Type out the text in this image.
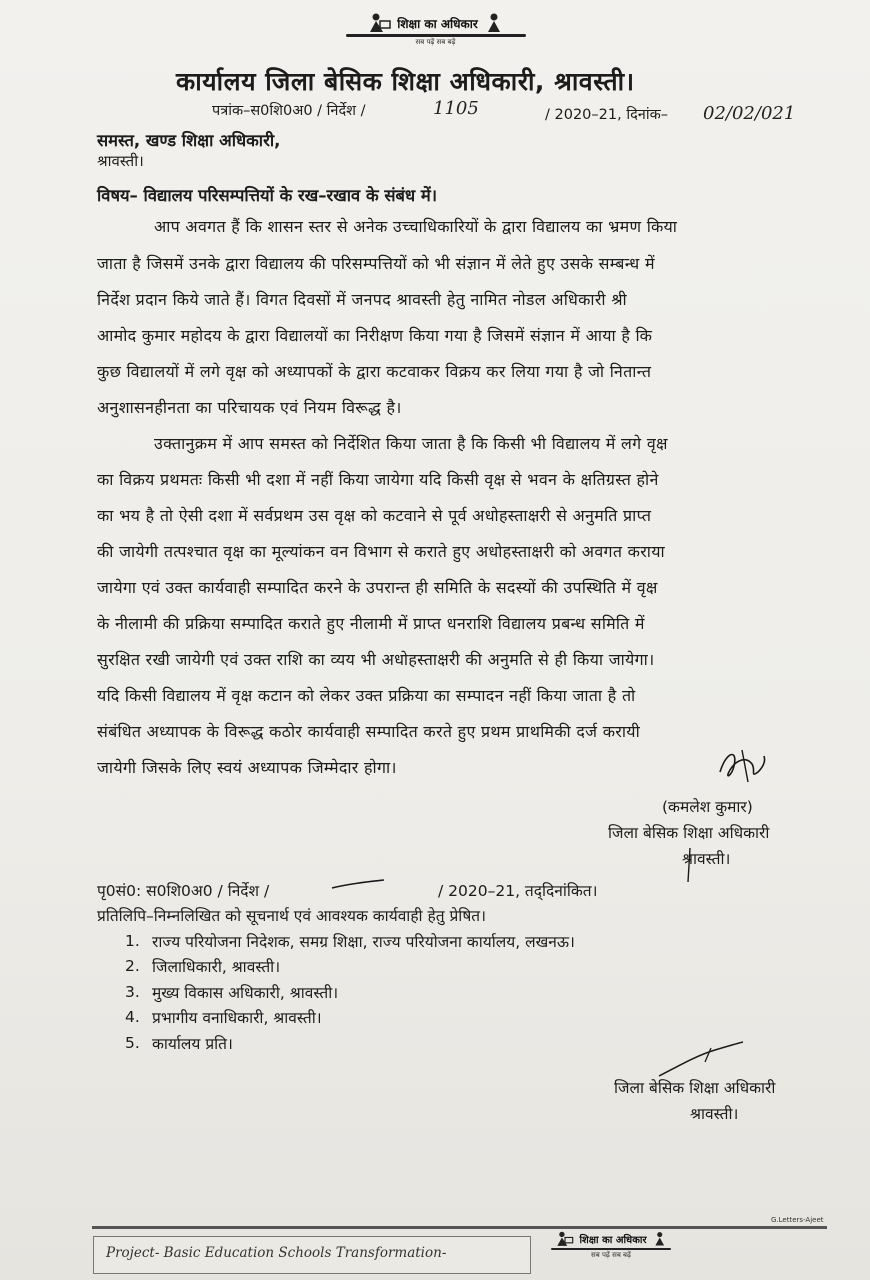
शिक्षा का अधिकार
सब पढ़ें सब बढ़ें
कार्यालय जिला बेसिक शिक्षा अधिकारी, श्रावस्ती।
पत्रांक–स0शि0अ0 / निर्देश /	1105	/ 2020–21, दिनांक– 02/02/021
समस्त, खण्ड शिक्षा अधिकारी,
श्रावस्ती।
विषय– विद्यालय परिसम्पत्तियों के रख–रखाव के संबंध में।
आप अवगत हैं कि शासन स्तर से अनेक उच्चाधिकारियों के द्वारा विद्यालय का भ्रमण किया
जाता है जिसमें उनके द्वारा विद्यालय की परिसम्पत्तियों को भी संज्ञान में लेते हुए उसके सम्बन्ध में
निर्देश प्रदान किये जाते हैं। विगत दिवसों में जनपद श्रावस्ती हेतु नामित नोडल अधिकारी श्री
आमोद कुमार महोदय के द्वारा विद्यालयों का निरीक्षण किया गया है जिसमें संज्ञान में आया है कि
कुछ विद्यालयों में लगे वृक्ष को अध्यापकों के द्वारा कटवाकर विक्रय कर लिया गया है जो नितान्त
अनुशासनहीनता का परिचायक एवं नियम विरूद्ध है।
उक्तानुक्रम में आप समस्त को निर्देशित किया जाता है कि किसी भी विद्यालय में लगे वृक्ष
का विक्रय प्रथमतः किसी भी दशा में नहीं किया जायेगा यदि किसी वृक्ष से भवन के क्षतिग्रस्त होने
का भय है तो ऐसी दशा में सर्वप्रथम उस वृक्ष को कटवाने से पूर्व अधोहस्ताक्षरी से अनुमति प्राप्त
की जायेगी तत्पश्चात वृक्ष का मूल्यांकन वन विभाग से कराते हुए अधोहस्ताक्षरी को अवगत कराया
जायेगा एवं उक्त कार्यवाही सम्पादित करने के उपरान्त ही समिति के सदस्यों की उपस्थिति में वृक्ष
के नीलामी की प्रक्रिया सम्पादित कराते हुए नीलामी में प्राप्त धनराशि विद्यालय प्रबन्ध समिति में
सुरक्षित रखी जायेगी एवं उक्त राशि का व्यय भी अधोहस्ताक्षरी की अनुमति से ही किया जायेगा।
यदि किसी विद्यालय में वृक्ष कटान को लेकर उक्त प्रक्रिया का सम्पादन नहीं किया जाता है तो
संबंधित अध्यापक के विरूद्ध कठोर कार्यवाही सम्पादित करते हुए प्रथम प्राथमिकी दर्ज करायी
जायेगी जिसके लिए स्वयं अध्यापक जिम्मेदार होगा।
(कमलेश कुमार)
जिला बेसिक शिक्षा अधिकारी
श्रावस्ती।
पृ0सं0: स0शि0अ0 / निर्देश /	/ 2020–21, तद्‌दिनांकित।
प्रतिलिपि–निम्नलिखित को सूचनार्थ एवं आवश्यक कार्यवाही हेतु प्रेषित।
1. राज्य परियोजना निदेशक, समग्र शिक्षा, राज्य परियोजना कार्यालय, लखनऊ।
2. जिलाधिकारी, श्रावस्ती।
3. मुख्य विकास अधिकारी, श्रावस्ती।
4. प्रभागीय वनाधिकारी, श्रावस्ती।
5. कार्यालय प्रति।
जिला बेसिक शिक्षा अधिकारी
श्रावस्ती।
G.Letters-Ajeet
Project- Basic Education Schools Transformation-
शिक्षा का अधिकार
सब पढ़ें सब बढ़ें
